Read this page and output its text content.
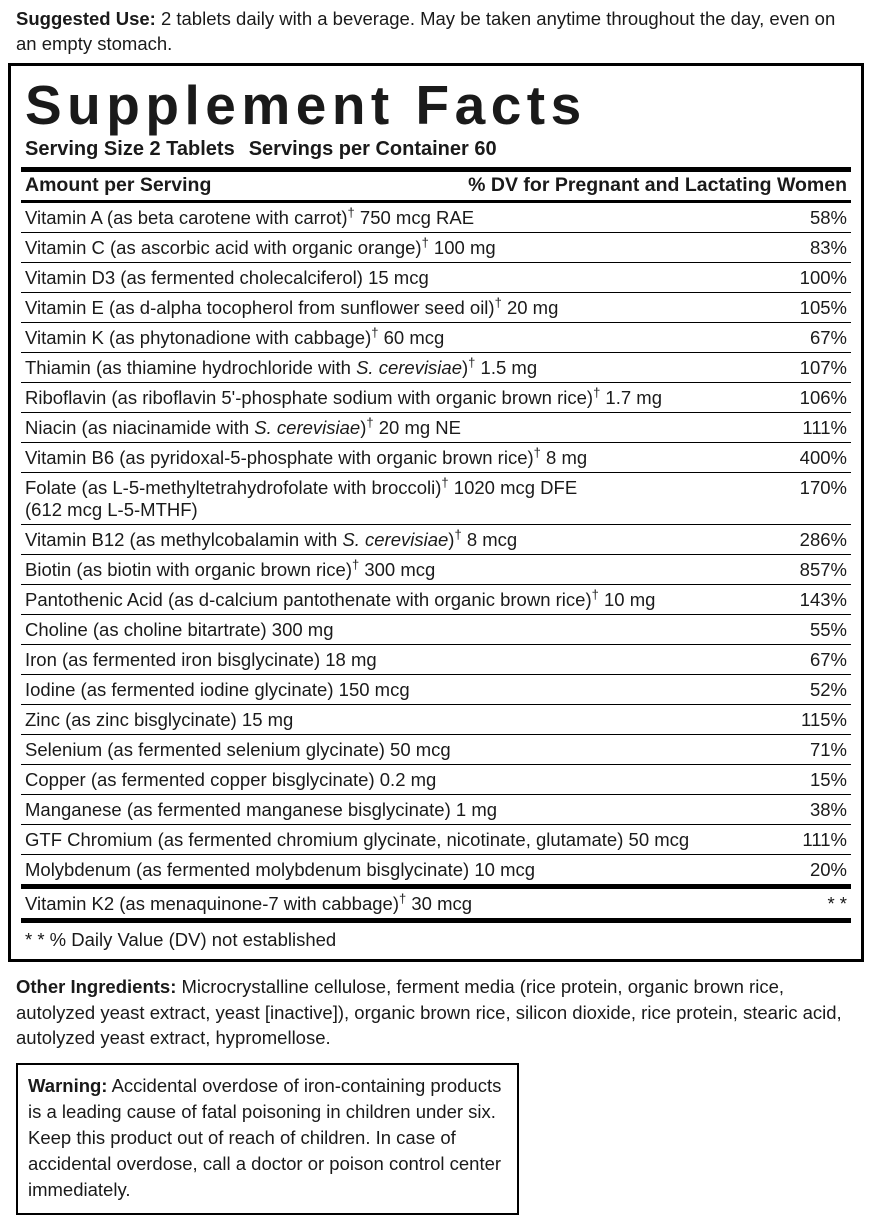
Suggested Use: 2 tablets daily with a beverage. May be taken anytime throughout the day, even on an empty stomach.
Supplement Facts
Serving Size 2 Tablets Servings per Container 60
Amount per Serving	% DV for Pregnant and Lactating Women
Vitamin A (as beta carotene with carrot)† 750 mcg RAE	58%
Vitamin C (as ascorbic acid with organic orange)† 100 mg	83%
Vitamin D3 (as fermented cholecalciferol) 15 mcg	100%
Vitamin E (as d-alpha tocopherol from sunflower seed oil)† 20 mg	105%
Vitamin K (as phytonadione with cabbage)† 60 mcg	67%
Thiamin (as thiamine hydrochloride with S. cerevisiae)† 1.5 mg	107%
Riboflavin (as riboflavin 5'-phosphate sodium with organic brown rice)† 1.7 mg	106%
Niacin (as niacinamide with S. cerevisiae)† 20 mg NE	111%
Vitamin B6 (as pyridoxal-5-phosphate with organic brown rice)† 8 mg	400%
Folate (as L-5-methyltetrahydrofolate with broccoli)† 1020 mcg DFE
(612 mcg L-5-MTHF)	170%
Vitamin B12 (as methylcobalamin with S. cerevisiae)† 8 mcg	286%
Biotin (as biotin with organic brown rice)† 300 mcg	857%
Pantothenic Acid (as d-calcium pantothenate with organic brown rice)† 10 mg	143%
Choline (as choline bitartrate) 300 mg	55%
Iron (as fermented iron bisglycinate) 18 mg	67%
Iodine (as fermented iodine glycinate) 150 mcg	52%
Zinc (as zinc bisglycinate) 15 mg	115%
Selenium (as fermented selenium glycinate) 50 mcg	71%
Copper (as fermented copper bisglycinate) 0.2 mg	15%
Manganese (as fermented manganese bisglycinate) 1 mg	38%
GTF Chromium (as fermented chromium glycinate, nicotinate, glutamate) 50 mcg	111%
Molybdenum (as fermented molybdenum bisglycinate) 10 mcg	20%
Vitamin K2 (as menaquinone-7 with cabbage)† 30 mcg	* *
* * % Daily Value (DV) not established
Other Ingredients: Microcrystalline cellulose, ferment media (rice protein, organic brown rice, autolyzed yeast extract, yeast [inactive]), organic brown rice, silicon dioxide, rice protein, stearic acid, autolyzed yeast extract, hypromellose.
Warning: Accidental overdose of iron-containing products is a leading cause of fatal poisoning in children under six. Keep this product out of reach of children. In case of accidental overdose, call a doctor or poison control center immediately.
